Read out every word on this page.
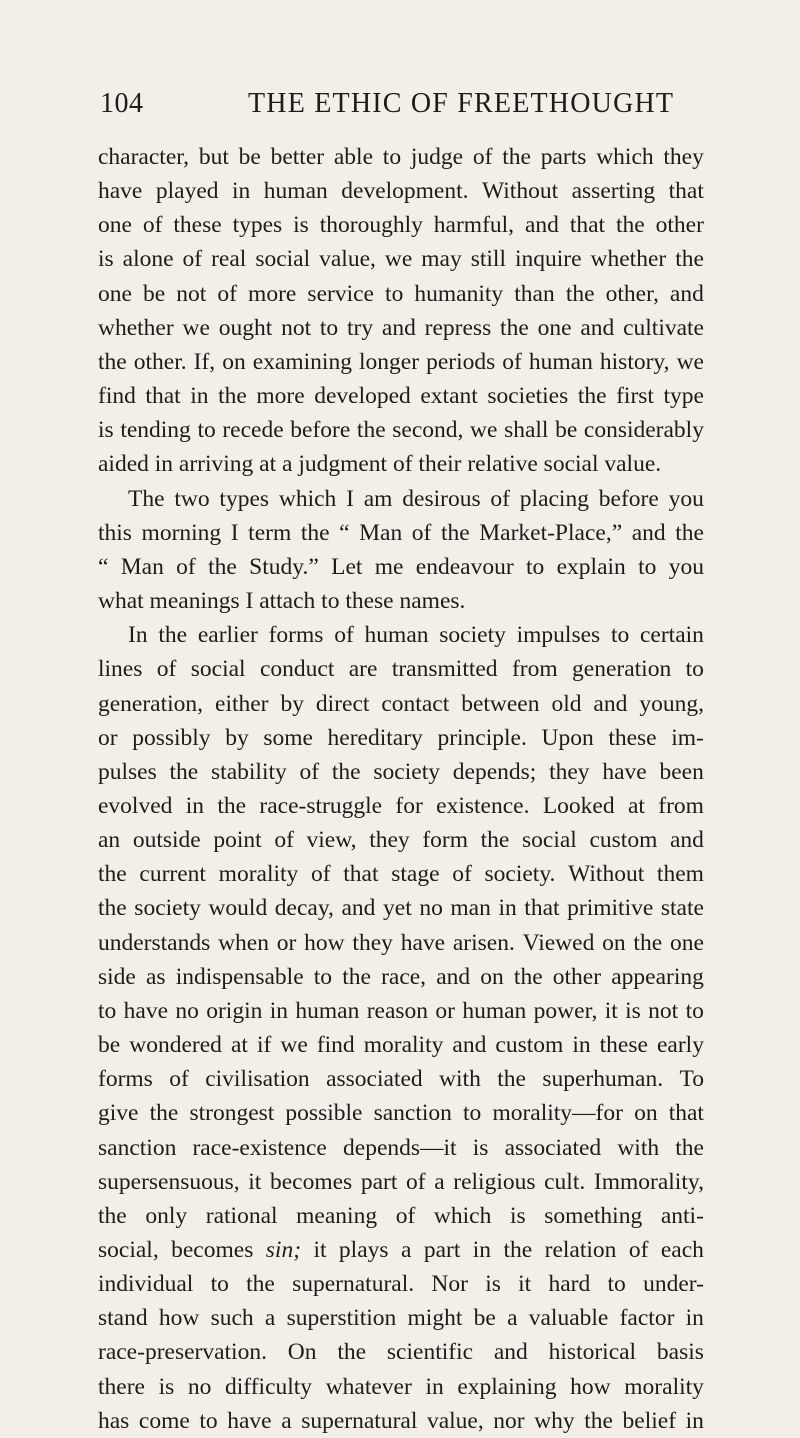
104	THE ETHIC OF FREETHOUGHT
character, but be better able to judge of the parts which they
have played in human development. Without asserting that
one of these types is thoroughly harmful, and that the other
is alone of real social value, we may still inquire whether the
one be not of more service to humanity than the other, and
whether we ought not to try and repress the one and cultivate
the other. If, on examining longer periods of human history, we
find that in the more developed extant societies the first type
is tending to recede before the second, we shall be considerably
aided in arriving at a judgment of their relative social value.
The two types which I am desirous of placing before you
this morning I term the “ Man of the Market-Place,” and the
“ Man of the Study.” Let me endeavour to explain to you
what meanings I attach to these names.
In the earlier forms of human society impulses to certain
lines of social conduct are transmitted from generation to
generation, either by direct contact between old and young,
or possibly by some hereditary principle. Upon these im-
pulses the stability of the society depends; they have been
evolved in the race-struggle for existence. Looked at from
an outside point of view, they form the social custom and
the current morality of that stage of society. Without them
the society would decay, and yet no man in that primitive state
understands when or how they have arisen. Viewed on the one
side as indispensable to the race, and on the other appearing
to have no origin in human reason or human power, it is not to
be wondered at if we find morality and custom in these early
forms of civilisation associated with the superhuman. To
give the strongest possible sanction to morality—for on that
sanction race-existence depends—it is associated with the
supersensuous, it becomes part of a religious cult. Immorality,
the only rational meaning of which is something anti-
social, becomes sin; it plays a part in the relation of each
individual to the supernatural. Nor is it hard to under-
stand how such a superstition might be a valuable factor in
race-preservation. On the scientific and historical basis
there is no difficulty whatever in explaining how morality
has come to have a supernatural value, nor why the belief in
